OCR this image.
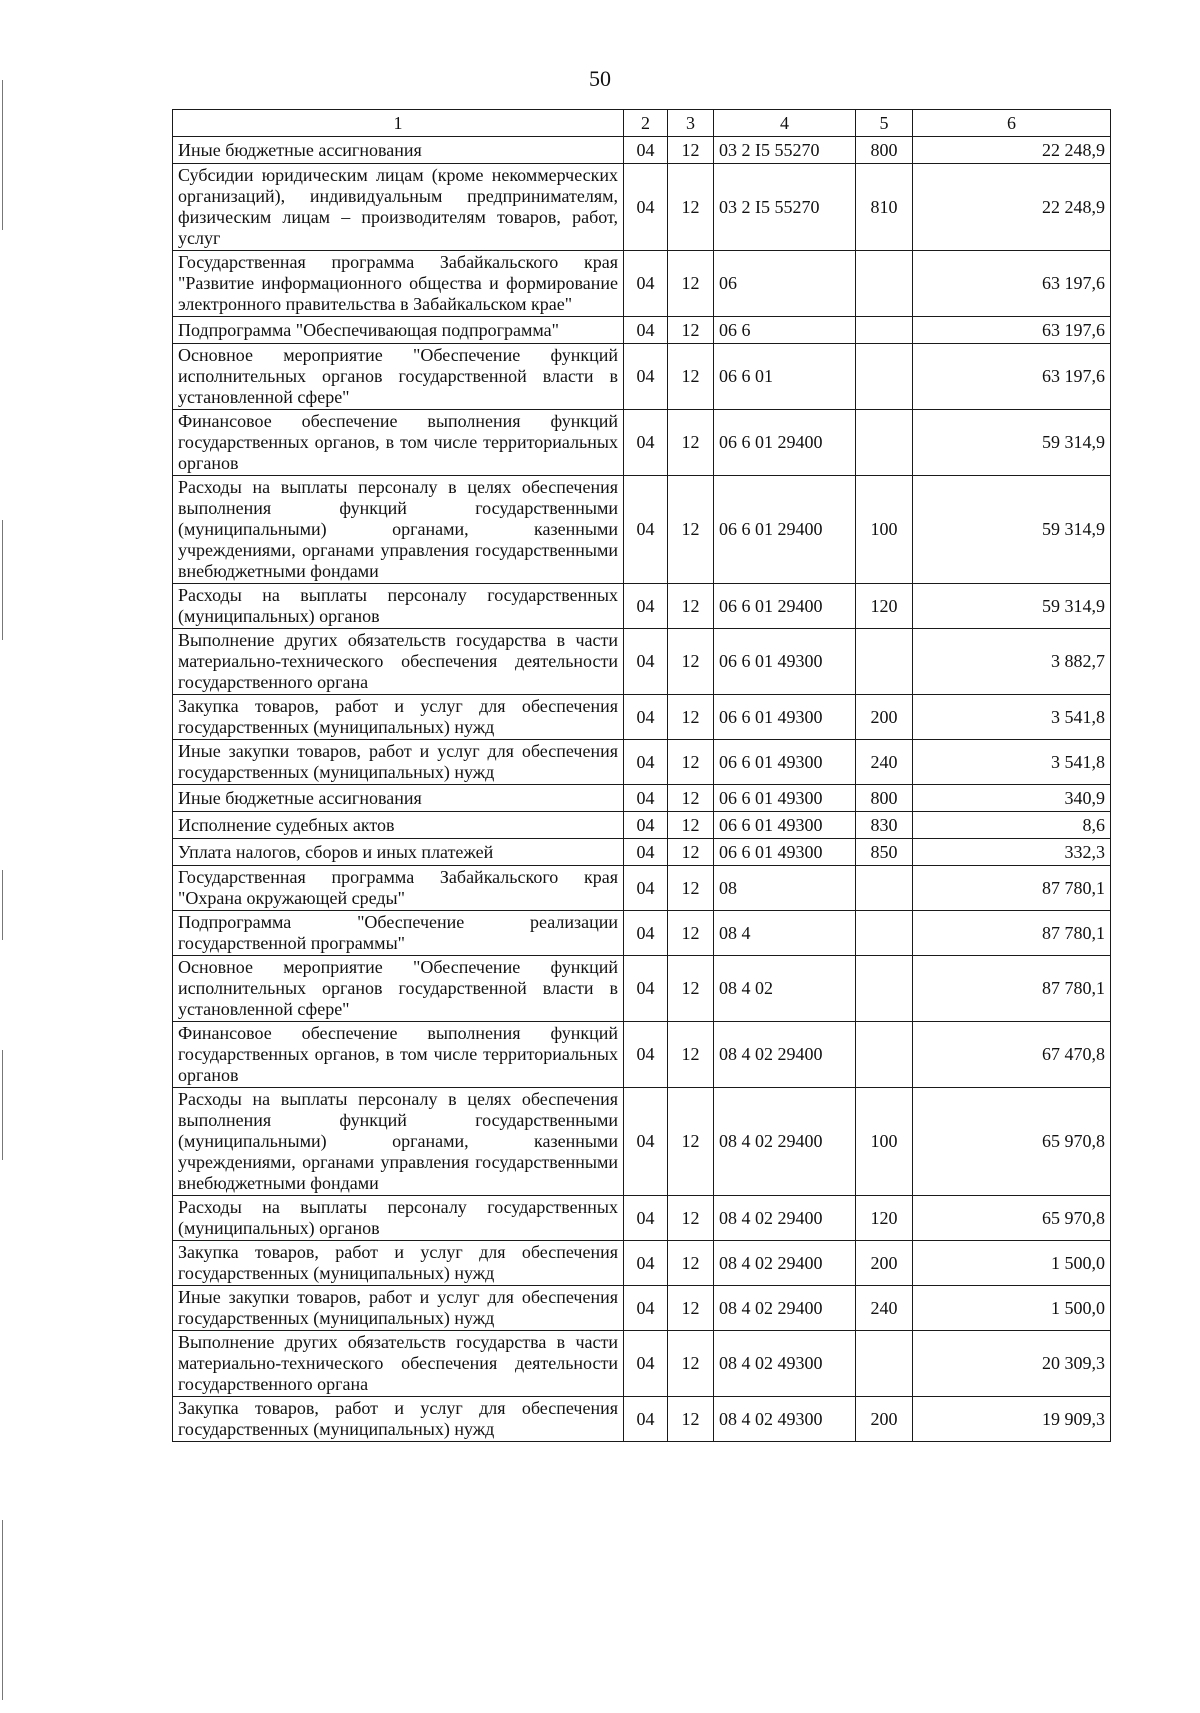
50
1	2	3	4	5	6
Иные бюджетные ассигнования	04	12	03 2 I5 55270	800	22 248,9
Субсидии юридическим лицам (кроме некоммерческих организаций), индивидуальным предпринимателям, физическим лицам – производителям товаров, работ, услуг	04	12	03 2 I5 55270	810	22 248,9
Государственная программа Забайкальского края "Развитие информационного общества и формирование электронного правительства в Забайкальском крае"	04	12	06		63 197,6
Подпрограмма "Обеспечивающая подпрограмма"	04	12	06 6		63 197,6
Основное мероприятие "Обеспечение функций исполнительных органов государственной власти в установленной сфере"	04	12	06 6 01		63 197,6
Финансовое обеспечение выполнения функций государственных органов, в том числе территориальных органов	04	12	06 6 01 29400		59 314,9
Расходы на выплаты персоналу в целях обеспечения выполнения функций государственными (муниципальными) органами, казенными учреждениями, органами управления государственными внебюджетными фондами	04	12	06 6 01 29400	100	59 314,9
Расходы на выплаты персоналу государственных (муниципальных) органов	04	12	06 6 01 29400	120	59 314,9
Выполнение других обязательств государства в части материально-технического обеспечения деятельности государственного органа	04	12	06 6 01 49300		3 882,7
Закупка товаров, работ и услуг для обеспечения государственных (муниципальных) нужд	04	12	06 6 01 49300	200	3 541,8
Иные закупки товаров, работ и услуг для обеспечения государственных (муниципальных) нужд	04	12	06 6 01 49300	240	3 541,8
Иные бюджетные ассигнования	04	12	06 6 01 49300	800	340,9
Исполнение судебных актов	04	12	06 6 01 49300	830	8,6
Уплата налогов, сборов и иных платежей	04	12	06 6 01 49300	850	332,3
Государственная программа Забайкальского края "Охрана окружающей среды"	04	12	08		87 780,1
Подпрограмма "Обеспечение реализации государственной программы"	04	12	08 4		87 780,1
Основное мероприятие "Обеспечение функций исполнительных органов государственной власти в установленной сфере"	04	12	08 4 02		87 780,1
Финансовое обеспечение выполнения функций государственных органов, в том числе территориальных органов	04	12	08 4 02 29400		67 470,8
Расходы на выплаты персоналу в целях обеспечения выполнения функций государственными (муниципальными) органами, казенными учреждениями, органами управления государственными внебюджетными фондами	04	12	08 4 02 29400	100	65 970,8
Расходы на выплаты персоналу государственных (муниципальных) органов	04	12	08 4 02 29400	120	65 970,8
Закупка товаров, работ и услуг для обеспечения государственных (муниципальных) нужд	04	12	08 4 02 29400	200	1 500,0
Иные закупки товаров, работ и услуг для обеспечения государственных (муниципальных) нужд	04	12	08 4 02 29400	240	1 500,0
Выполнение других обязательств государства в части материально-технического обеспечения деятельности государственного органа	04	12	08 4 02 49300		20 309,3
Закупка товаров, работ и услуг для обеспечения государственных (муниципальных) нужд	04	12	08 4 02 49300	200	19 909,3
